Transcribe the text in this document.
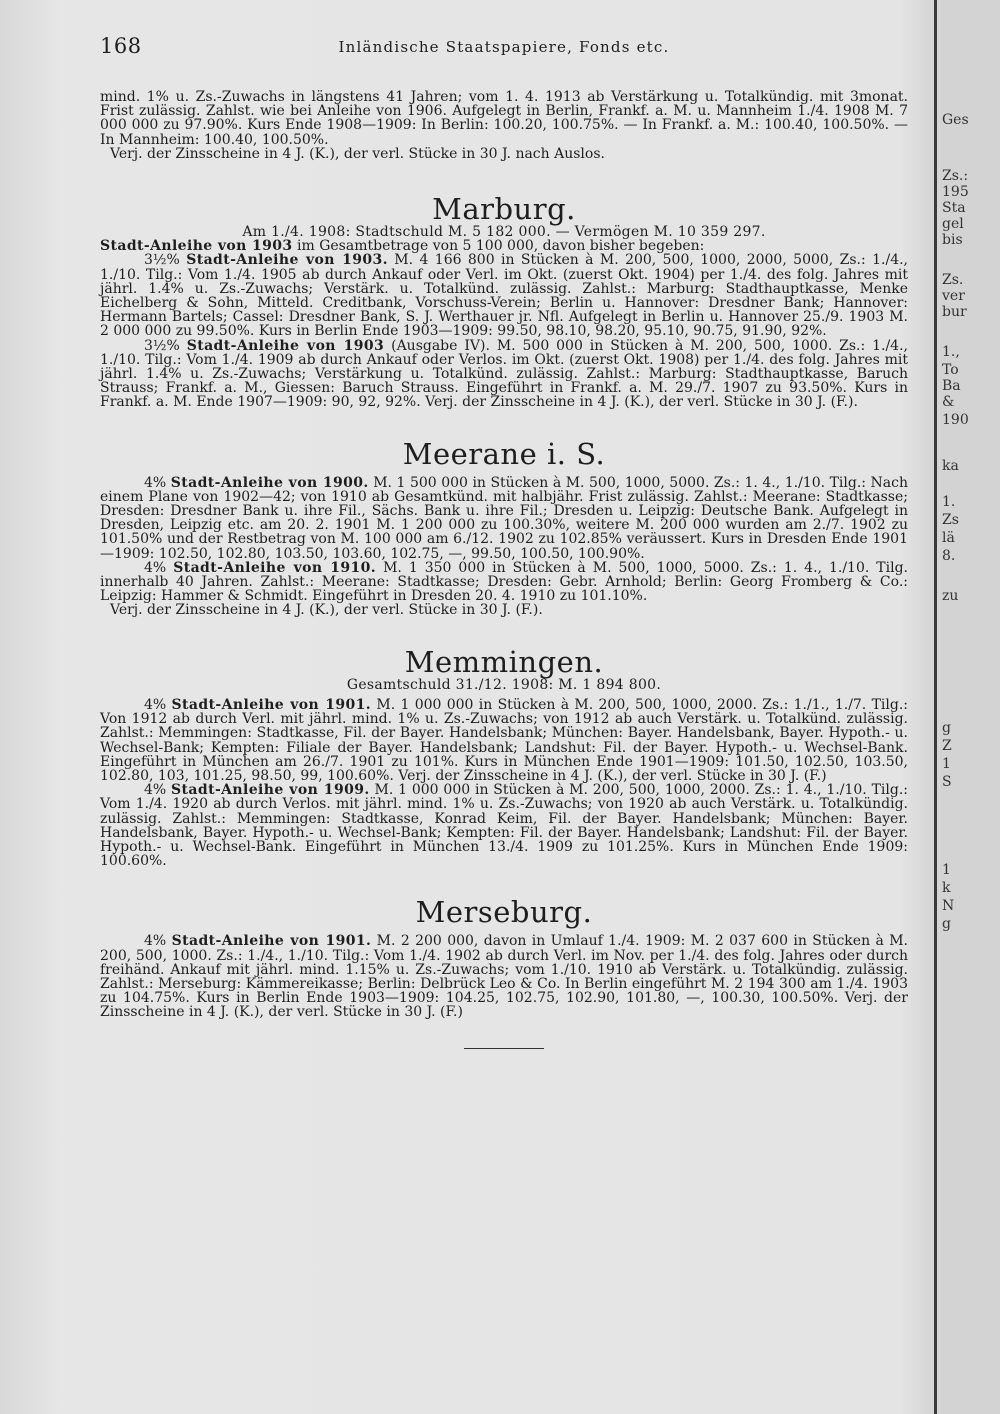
Ges
Zs.:
195
Sta
gel
bis
Zs.
ver
bur
1.,
To
Ba
&
190
ka
1.
Zs
lä
8.
zu
g
Z
1
S
1
k
N
g
168	Inländische Staatspapiere, Fonds etc.

mind. 1% u. Zs.-Zuwachs in längstens 41 Jahren; vom 1. 4. 1913 ab Verstärkung u. Totalkündig. mit 3monat. Frist zulässig. Zahlst. wie bei Anleihe von 1906. Aufgelegt in Berlin, Frankf. a. M. u. Mannheim 1./4. 1908 M. 7 000 000 zu 97.90%. Kurs Ende 1908—1909: In Berlin: 100.20, 100.75%. — In Frankf. a. M.: 100.40, 100.50%. — In Mannheim: 100.40, 100.50%.

Verj. der Zinsscheine in 4 J. (K.), der verl. Stücke in 30 J. nach Auslos.

Marburg.

Am 1./4. 1908: Stadtschuld M. 5 182 000. — Vermögen M. 10 359 297.

Stadt-Anleihe von 1903 im Gesamtbetrage von 5 100 000, davon bisher begeben:

3½% Stadt-Anleihe von 1903. M. 4 166 800 in Stücken à M. 200, 500, 1000, 2000, 5000, Zs.: 1./4., 1./10. Tilg.: Vom 1./4. 1905 ab durch Ankauf oder Verl. im Okt. (zuerst Okt. 1904) per 1./4. des folg. Jahres mit jährl. 1.4% u. Zs.-Zuwachs; Verstärk. u. Totalkünd. zulässig. Zahlst.: Marburg: Stadthauptkasse, Menke Eichelberg & Sohn, Mitteld. Creditbank, Vorschuss-Verein; Berlin u. Hannover: Dresdner Bank; Hannover: Hermann Bartels; Cassel: Dresdner Bank, S. J. Werthauer jr. Nfl. Aufgelegt in Berlin u. Hannover 25./9. 1903 M. 2 000 000 zu 99.50%. Kurs in Berlin Ende 1903—1909: 99.50, 98.10, 98.20, 95.10, 90.75, 91.90, 92%.

3½% Stadt-Anleihe von 1903 (Ausgabe IV). M. 500 000 in Stücken à M. 200, 500, 1000. Zs.: 1./4., 1./10. Tilg.: Vom 1./4. 1909 ab durch Ankauf oder Verlos. im Okt. (zuerst Okt. 1908) per 1./4. des folg. Jahres mit jährl. 1.4% u. Zs.-Zuwachs; Verstärkung u. Totalkünd. zulässig. Zahlst.: Marburg: Stadthauptkasse, Baruch Strauss; Frankf. a. M., Giessen: Baruch Strauss. Eingeführt in Frankf. a. M. 29./7. 1907 zu 93.50%. Kurs in Frankf. a. M. Ende 1907—1909: 90, 92, 92%. Verj. der Zinsscheine in 4 J. (K.), der verl. Stücke in 30 J. (F.).

Meerane i. S.

4% Stadt-Anleihe von 1900. M. 1 500 000 in Stücken à M. 500, 1000, 5000. Zs.: 1. 4., 1./10. Tilg.: Nach einem Plane von 1902—42; von 1910 ab Gesamtkünd. mit halbjähr. Frist zulässig. Zahlst.: Meerane: Stadtkasse; Dresden: Dresdner Bank u. ihre Fil., Sächs. Bank u. ihre Fil.; Dresden u. Leipzig: Deutsche Bank. Aufgelegt in Dresden, Leipzig etc. am 20. 2. 1901 M. 1 200 000 zu 100.30%, weitere M. 200 000 wurden am 2./7. 1902 zu 101.50% und der Restbetrag von M. 100 000 am 6./12. 1902 zu 102.85% veräussert. Kurs in Dresden Ende 1901—1909: 102.50, 102.80, 103.50, 103.60, 102.75, —, 99.50, 100.50, 100.90%.

4% Stadt-Anleihe von 1910. M. 1 350 000 in Stücken à M. 500, 1000, 5000. Zs.: 1. 4., 1./10. Tilg. innerhalb 40 Jahren. Zahlst.: Meerane: Stadtkasse; Dresden: Gebr. Arnhold; Berlin: Georg Fromberg & Co.: Leipzig: Hammer & Schmidt. Eingeführt in Dresden 20. 4. 1910 zu 101.10%.

Verj. der Zinsscheine in 4 J. (K.), der verl. Stücke in 30 J. (F.).

Memmingen.

Gesamtschuld 31./12. 1908: M. 1 894 800.

4% Stadt-Anleihe von 1901. M. 1 000 000 in Stücken à M. 200, 500, 1000, 2000. Zs.: 1./1., 1./7. Tilg.: Von 1912 ab durch Verl. mit jährl. mind. 1% u. Zs.-Zuwachs; von 1912 ab auch Verstärk. u. Totalkünd. zulässig. Zahlst.: Memmingen: Stadtkasse, Fil. der Bayer. Handelsbank; München: Bayer. Handelsbank, Bayer. Hypoth.- u. Wechsel-Bank; Kempten: Filiale der Bayer. Handelsbank; Landshut: Fil. der Bayer. Hypoth.- u. Wechsel-Bank. Eingeführt in München am 26./7. 1901 zu 101%. Kurs in München Ende 1901—1909: 101.50, 102.50, 103.50, 102.80, 103, 101.25, 98.50, 99, 100.60%. Verj. der Zinsscheine in 4 J. (K.), der verl. Stücke in 30 J. (F.)

4% Stadt-Anleihe von 1909. M. 1 000 000 in Stücken à M. 200, 500, 1000, 2000. Zs.: 1. 4., 1./10. Tilg.: Vom 1./4. 1920 ab durch Verlos. mit jährl. mind. 1% u. Zs.-Zuwachs; von 1920 ab auch Verstärk. u. Totalkündig. zulässig. Zahlst.: Memmingen: Stadtkasse, Konrad Keim, Fil. der Bayer. Handelsbank; München: Bayer. Handelsbank, Bayer. Hypoth.- u. Wechsel-Bank; Kempten: Fil. der Bayer. Handelsbank; Landshut: Fil. der Bayer. Hypoth.- u. Wechsel-Bank. Eingeführt in München 13./4. 1909 zu 101.25%. Kurs in München Ende 1909: 100.60%.

Merseburg.

4% Stadt-Anleihe von 1901. M. 2 200 000, davon in Umlauf 1./4. 1909: M. 2 037 600 in Stücken à M. 200, 500, 1000. Zs.: 1./4., 1./10. Tilg.: Vom 1./4. 1902 ab durch Verl. im Nov. per 1./4. des folg. Jahres oder durch freihänd. Ankauf mit jährl. mind. 1.15% u. Zs.-Zuwachs; vom 1./10. 1910 ab Verstärk. u. Totalkündig. zulässig. Zahlst.: Merseburg: Kämmereikasse; Berlin: Delbrück Leo & Co. In Berlin eingeführt M. 2 194 300 am 1./4. 1903 zu 104.75%. Kurs in Berlin Ende 1903—1909: 104.25, 102.75, 102.90, 101.80, —, 100.30, 100.50%. Verj. der Zinsscheine in 4 J. (K.), der verl. Stücke in 30 J. (F.)
